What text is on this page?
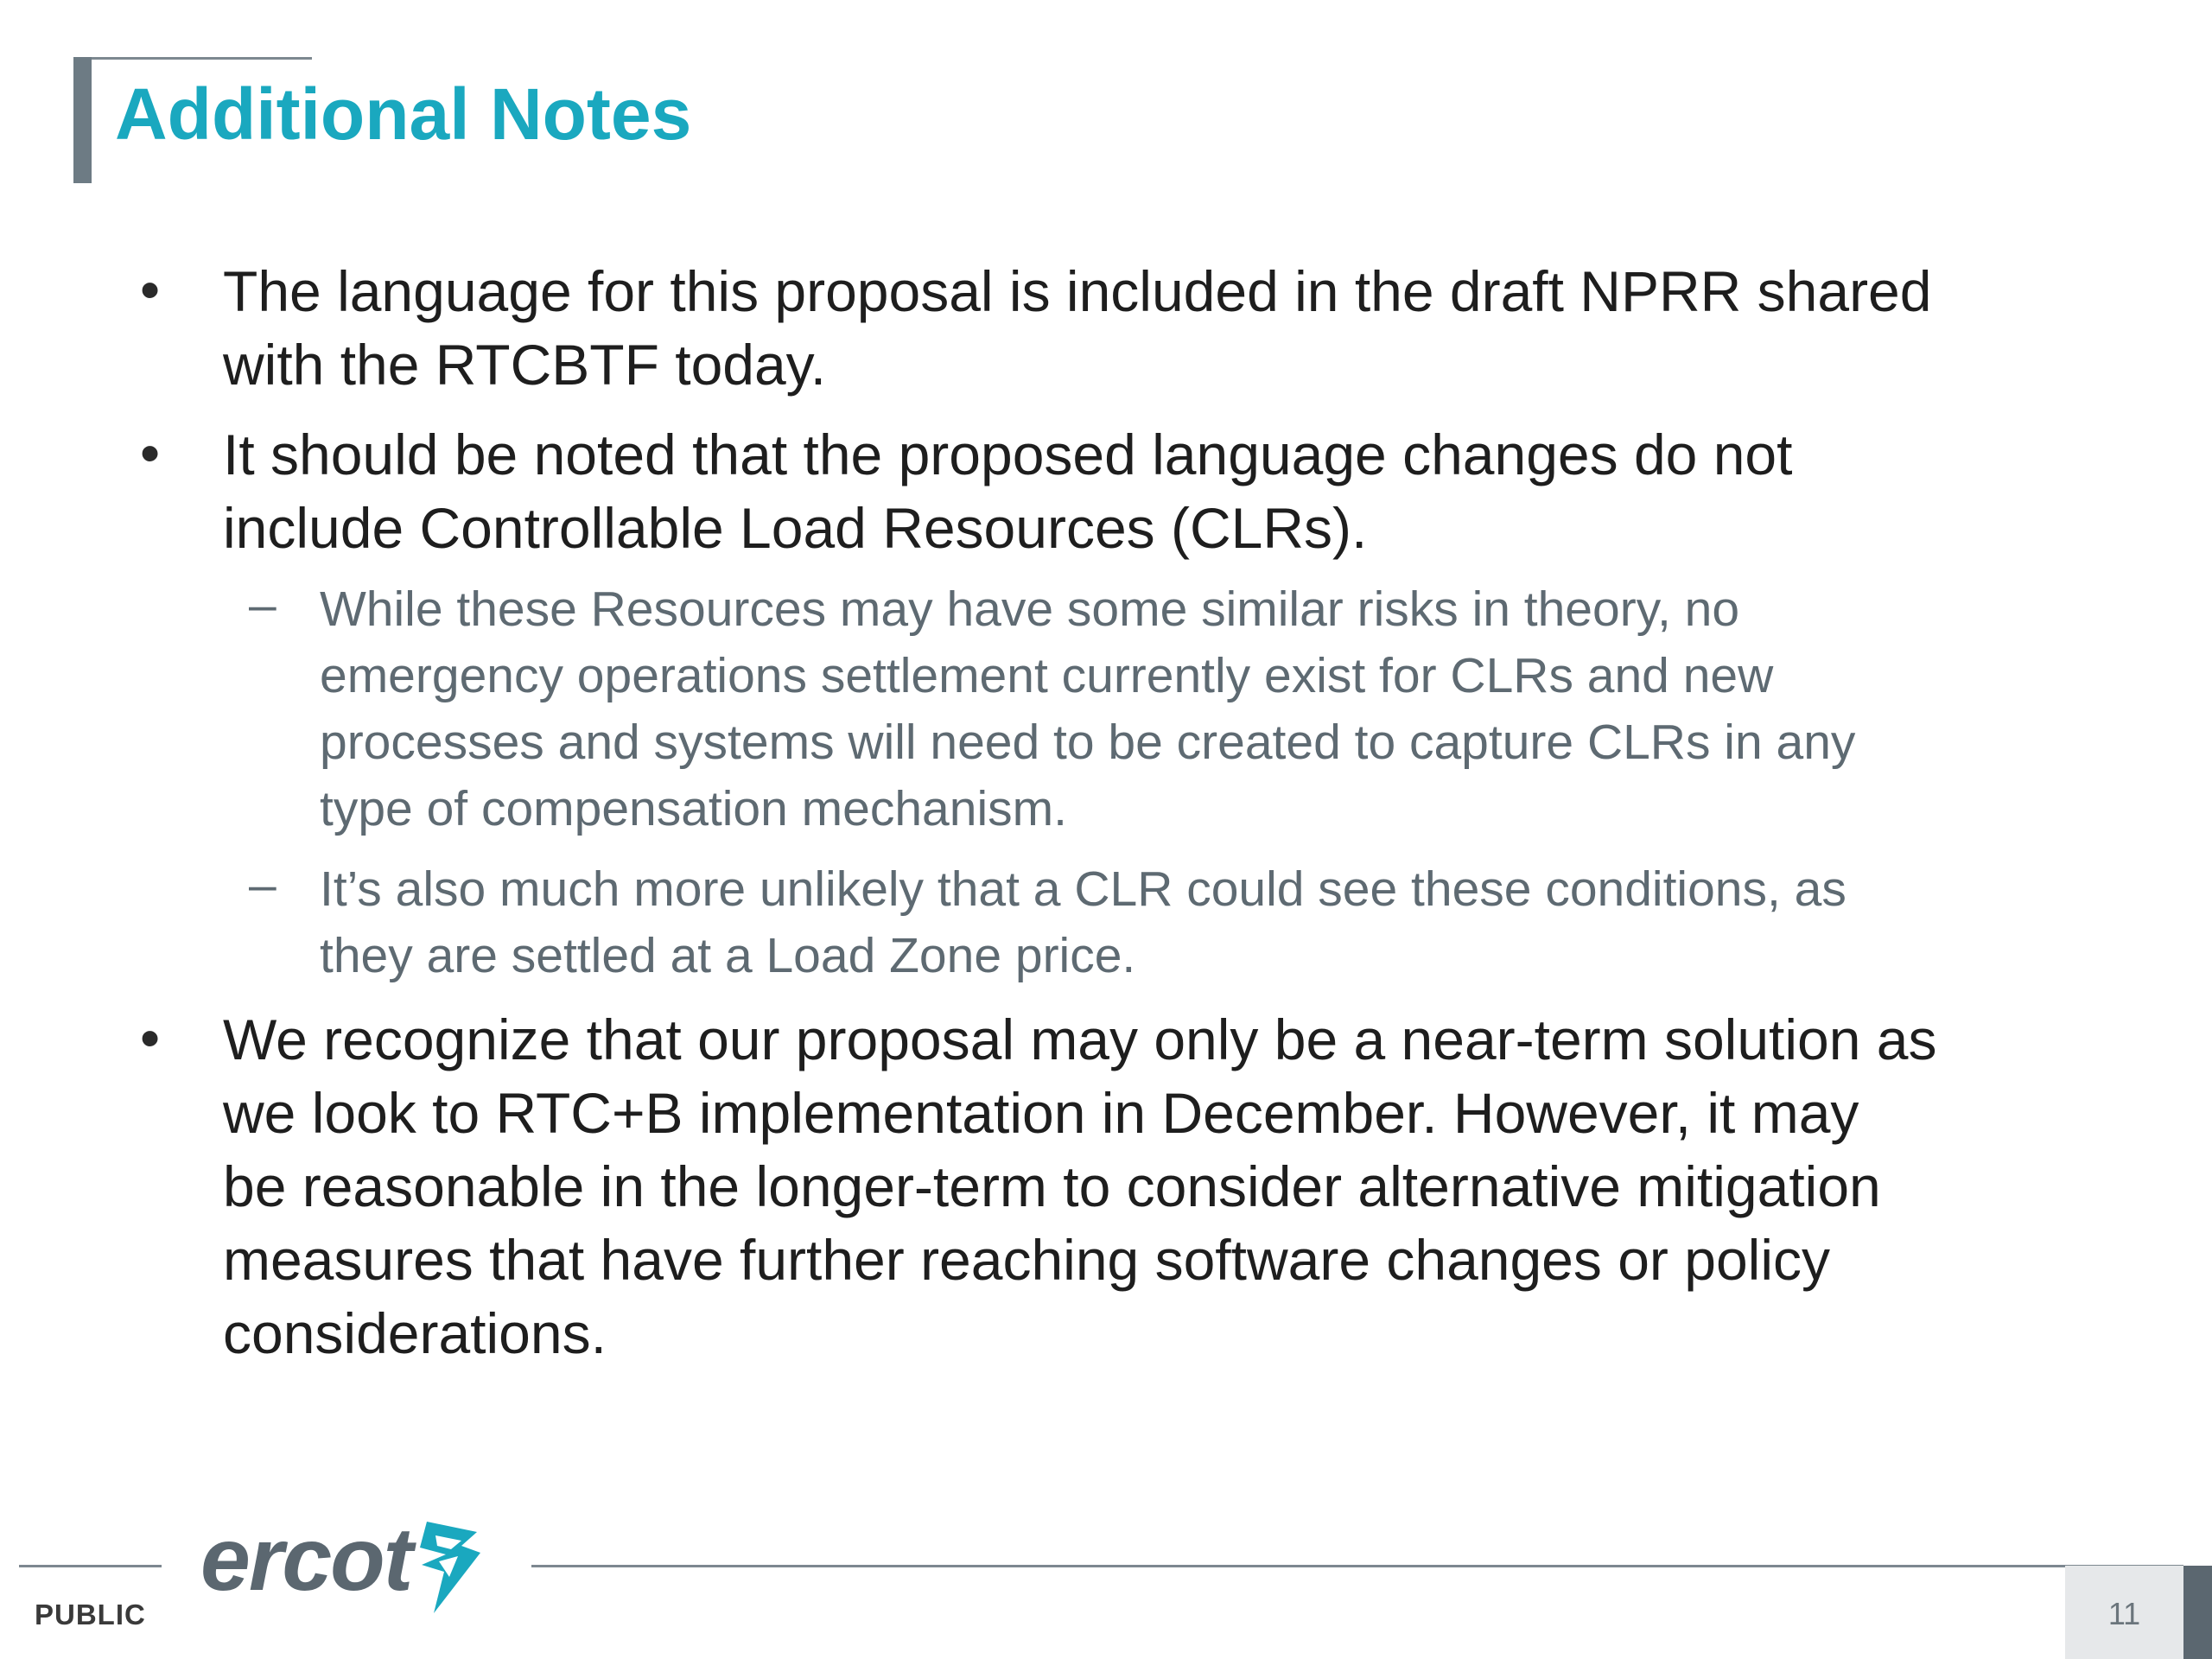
Additional Notes
• The language for this proposal is included in the draft NPRR shared
with the RTCBTF today.

• It should be noted that the proposed language changes do not
include Controllable Load Resources (CLRs).

– While these Resources may have some similar risks in theory, no
emergency operations settlement currently exist for CLRs and new
processes and systems will need to be created to capture CLRs in any
type of compensation mechanism.

– It’s also much more unlikely that a CLR could see these conditions, as
they are settled at a Load Zone price.

• We recognize that our proposal may only be a near-term solution as
we look to RTC+B implementation in December. However, it may
be reasonable in the longer-term to consider alternative mitigation
measures that have further reaching software changes or policy
considerations.

ercot
PUBLIC	11
